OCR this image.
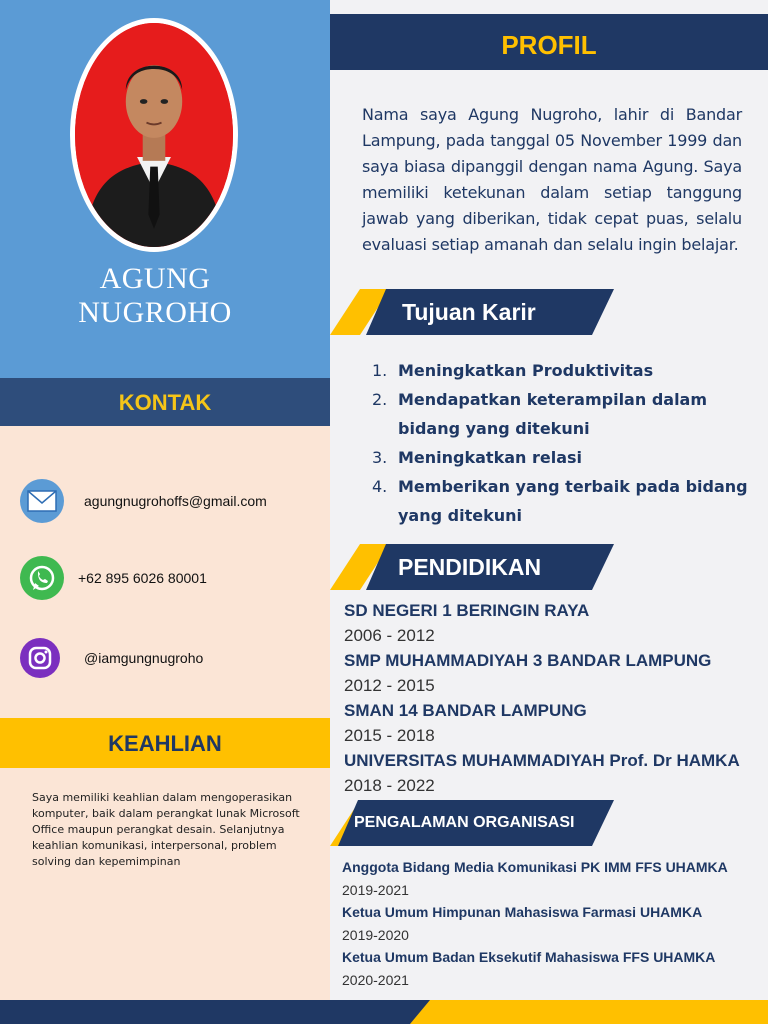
AGUNG
NUGROHO
KONTAK
agungnugrohoffs@gmail.com
+62 895 6026 80001
@iamgungnugroho
KEAHLIAN
Saya memiliki keahlian dalam mengoperasikan komputer, baik dalam perangkat lunak Microsoft Office maupun perangkat desain. Selanjutnya keahlian komunikasi, interpersonal, problem solving dan kepemimpinan
PROFIL
Nama saya Agung Nugroho, lahir di Bandar Lampung, pada tanggal 05 November 1999 dan saya biasa dipanggil dengan nama Agung. Saya memiliki ketekunan dalam setiap tanggung jawab yang diberikan, tidak cepat puas, selalu evaluasi setiap amanah dan selalu ingin belajar.
Tujuan Karir
1. Meningkatkan Produktivitas
2. Mendapatkan keterampilan dalam bidang yang ditekuni
3. Meningkatkan relasi
4. Memberikan yang terbaik pada bidang yang ditekuni
PENDIDIKAN
SD NEGERI 1 BERINGIN RAYA
2006 - 2012
SMP MUHAMMADIYAH 3 BANDAR LAMPUNG
2012 - 2015
SMAN 14 BANDAR LAMPUNG
2015 - 2018
UNIVERSITAS MUHAMMADIYAH Prof. Dr HAMKA
2018 - 2022
PENGALAMAN ORGANISASI
Anggota Bidang Media Komunikasi PK IMM FFS UHAMKA
2019-2021
Ketua Umum Himpunan Mahasiswa Farmasi UHAMKA
2019-2020
Ketua Umum Badan Eksekutif Mahasiswa FFS UHAMKA
2020-2021
